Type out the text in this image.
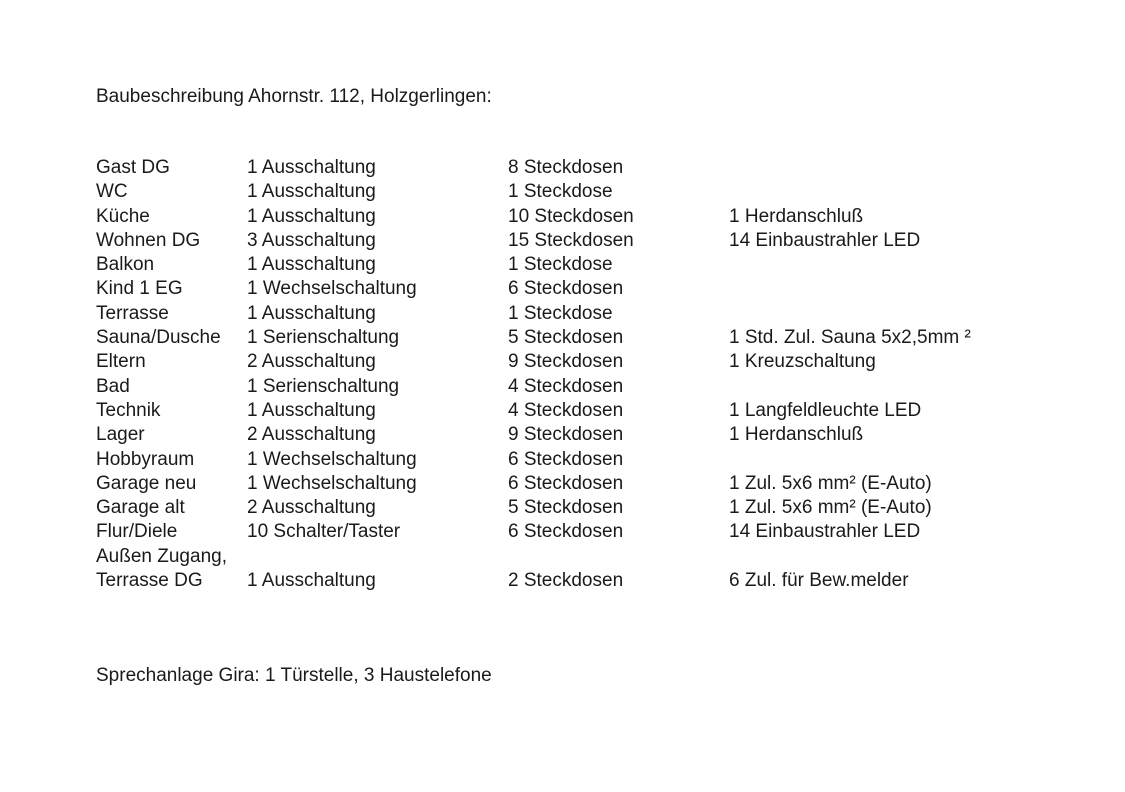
Baubeschreibung Ahornstr. 112, Holzgerlingen:
Gast DG	1 Ausschaltung	8 Steckdosen
WC	1 Ausschaltung	1 Steckdose
Küche	1 Ausschaltung	10 Steckdosen	1 Herdanschluß
Wohnen DG 3 Ausschaltung	15 Steckdosen	14 Einbaustrahler LED
Balkon	1 Ausschaltung	1 Steckdose
Kind 1 EG	1 Wechselschaltung	6 Steckdosen
Terrasse	1 Ausschaltung	1 Steckdose
Sauna/Dusche 1 Serienschaltung	5 Steckdosen	1 Std. Zul. Sauna 5x2,5mm ²
Eltern	2 Ausschaltung	9 Steckdosen	1 Kreuzschaltung
Bad	1 Serienschaltung	4 Steckdosen
Technik	1 Ausschaltung	4 Steckdosen	1 Langfeldleuchte LED
Lager	2 Ausschaltung	9 Steckdosen	1 Herdanschluß
Hobbyraum	1 Wechselschaltung	6 Steckdosen
Garage neu	1 Wechselschaltung	6 Steckdosen	1 Zul. 5x6 mm² (E-Auto)
Garage alt	2 Ausschaltung	5 Steckdosen	1 Zul. 5x6 mm² (E-Auto)
Flur/Diele	10 Schalter/Taster	6 Steckdosen	14 Einbaustrahler LED
Außen Zugang,
Terrasse DG 1 Ausschaltung	2 Steckdosen	6 Zul. für Bew.melder
Sprechanlage Gira: 1 Türstelle, 3 Haustelefone
